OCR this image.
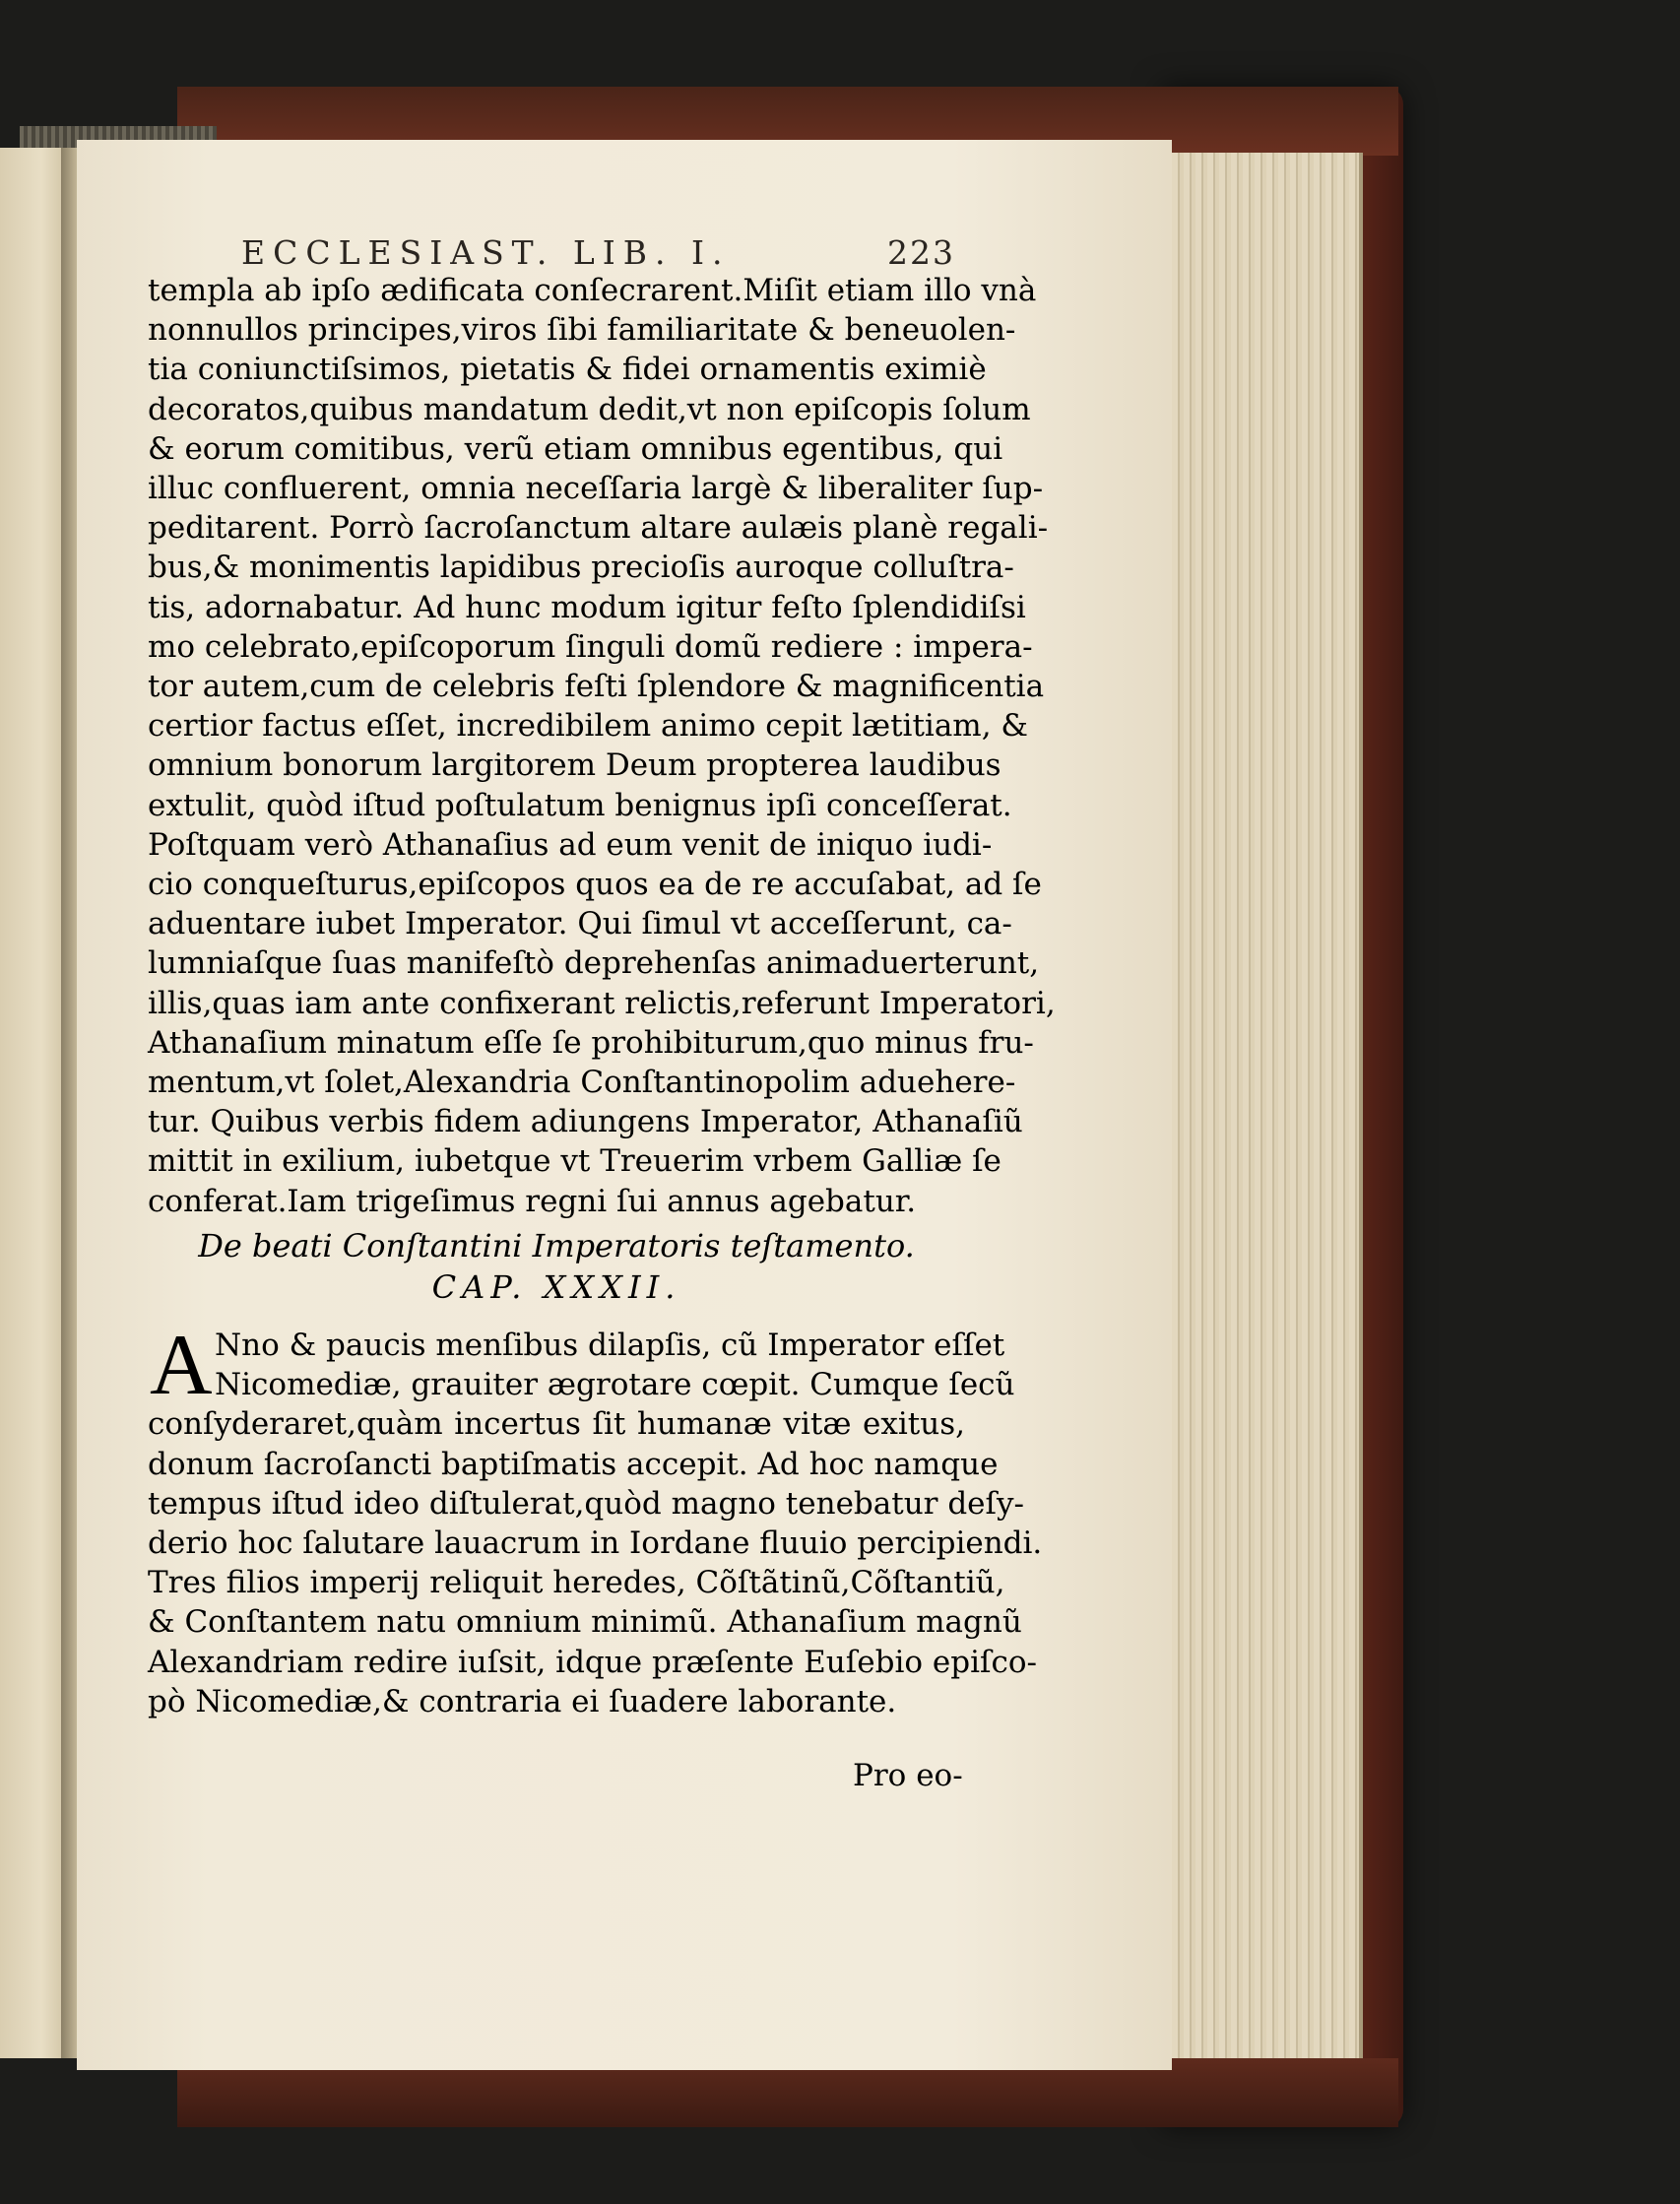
ECCLESIAST. LIB. I.	223
templa ab ipſo ædificata conſecrarent.Miſit etiam illo vnà
nonnullos principes,viros ſibi familiaritate & beneuolen-
tia coniunctiſsimos, pietatis & fidei ornamentis eximiè
decoratos,quibus mandatum dedit,vt non epiſcopis ſolum
& eorum comitibus, verũ etiam omnibus egentibus, qui
illuc confluerent, omnia neceſſaria largè & liberaliter ſup-
peditarent. Porrò ſacroſanctum altare aulæis planè regali-
bus,& monimentis lapidibus precioſis auroque colluſtra-
tis, adornabatur. Ad hunc modum igitur feſto ſplendidiſsi
mo celebrato,epiſcoporum ſinguli domũ rediere : impera-
tor autem,cum de celebris feſti ſplendore & magnificentia
certior factus eſſet, incredibilem animo cepit lætitiam, &
omnium bonorum largitorem Deum propterea laudibus
extulit, quòd iſtud poſtulatum benignus ipſi conceſſerat.
Poſtquam verò Athanaſius ad eum venit de iniquo iudi-
cio conqueſturus,epiſcopos quos ea de re accuſabat, ad ſe
aduentare iubet Imperator. Qui ſimul vt acceſſerunt, ca-
lumniaſque ſuas manifeſtò deprehenſas animaduerterunt,
illis,quas iam ante confixerant relictis,referunt Imperatori,
Athanaſium minatum eſſe ſe prohibiturum,quo minus fru-
mentum,vt ſolet,Alexandria Conſtantinopolim aduehere-
tur. Quibus verbis fidem adiungens Imperator, Athanaſiũ
mittit in exilium, iubetque vt Treuerim vrbem Galliæ ſe
conferat.Iam trigeſimus regni ſui annus agebatur.
De beati Conſtantini Imperatoris teſtamento.
CAP. XXXII.
A Nno & paucis menſibus dilapſis, cũ Imperator eſſet
Nicomediæ, grauiter ægrotare cœpit. Cumque ſecũ
conſyderaret,quàm incertus ſit humanæ vitæ exitus,
donum ſacroſancti baptiſmatis accepit. Ad hoc namque
tempus iſtud ideo diſtulerat,quòd magno tenebatur deſy-
derio hoc ſalutare lauacrum in Iordane fluuio percipiendi.
Tres filios imperij reliquit heredes, Cõſtãtinũ,Cõſtantiũ,
& Conſtantem natu omnium minimũ. Athanaſium magnũ
Alexandriam redire iuſsit, idque præſente Euſebio epiſco-
pò Nicomediæ,& contraria ei ſuadere laborante.
Pro eo-
